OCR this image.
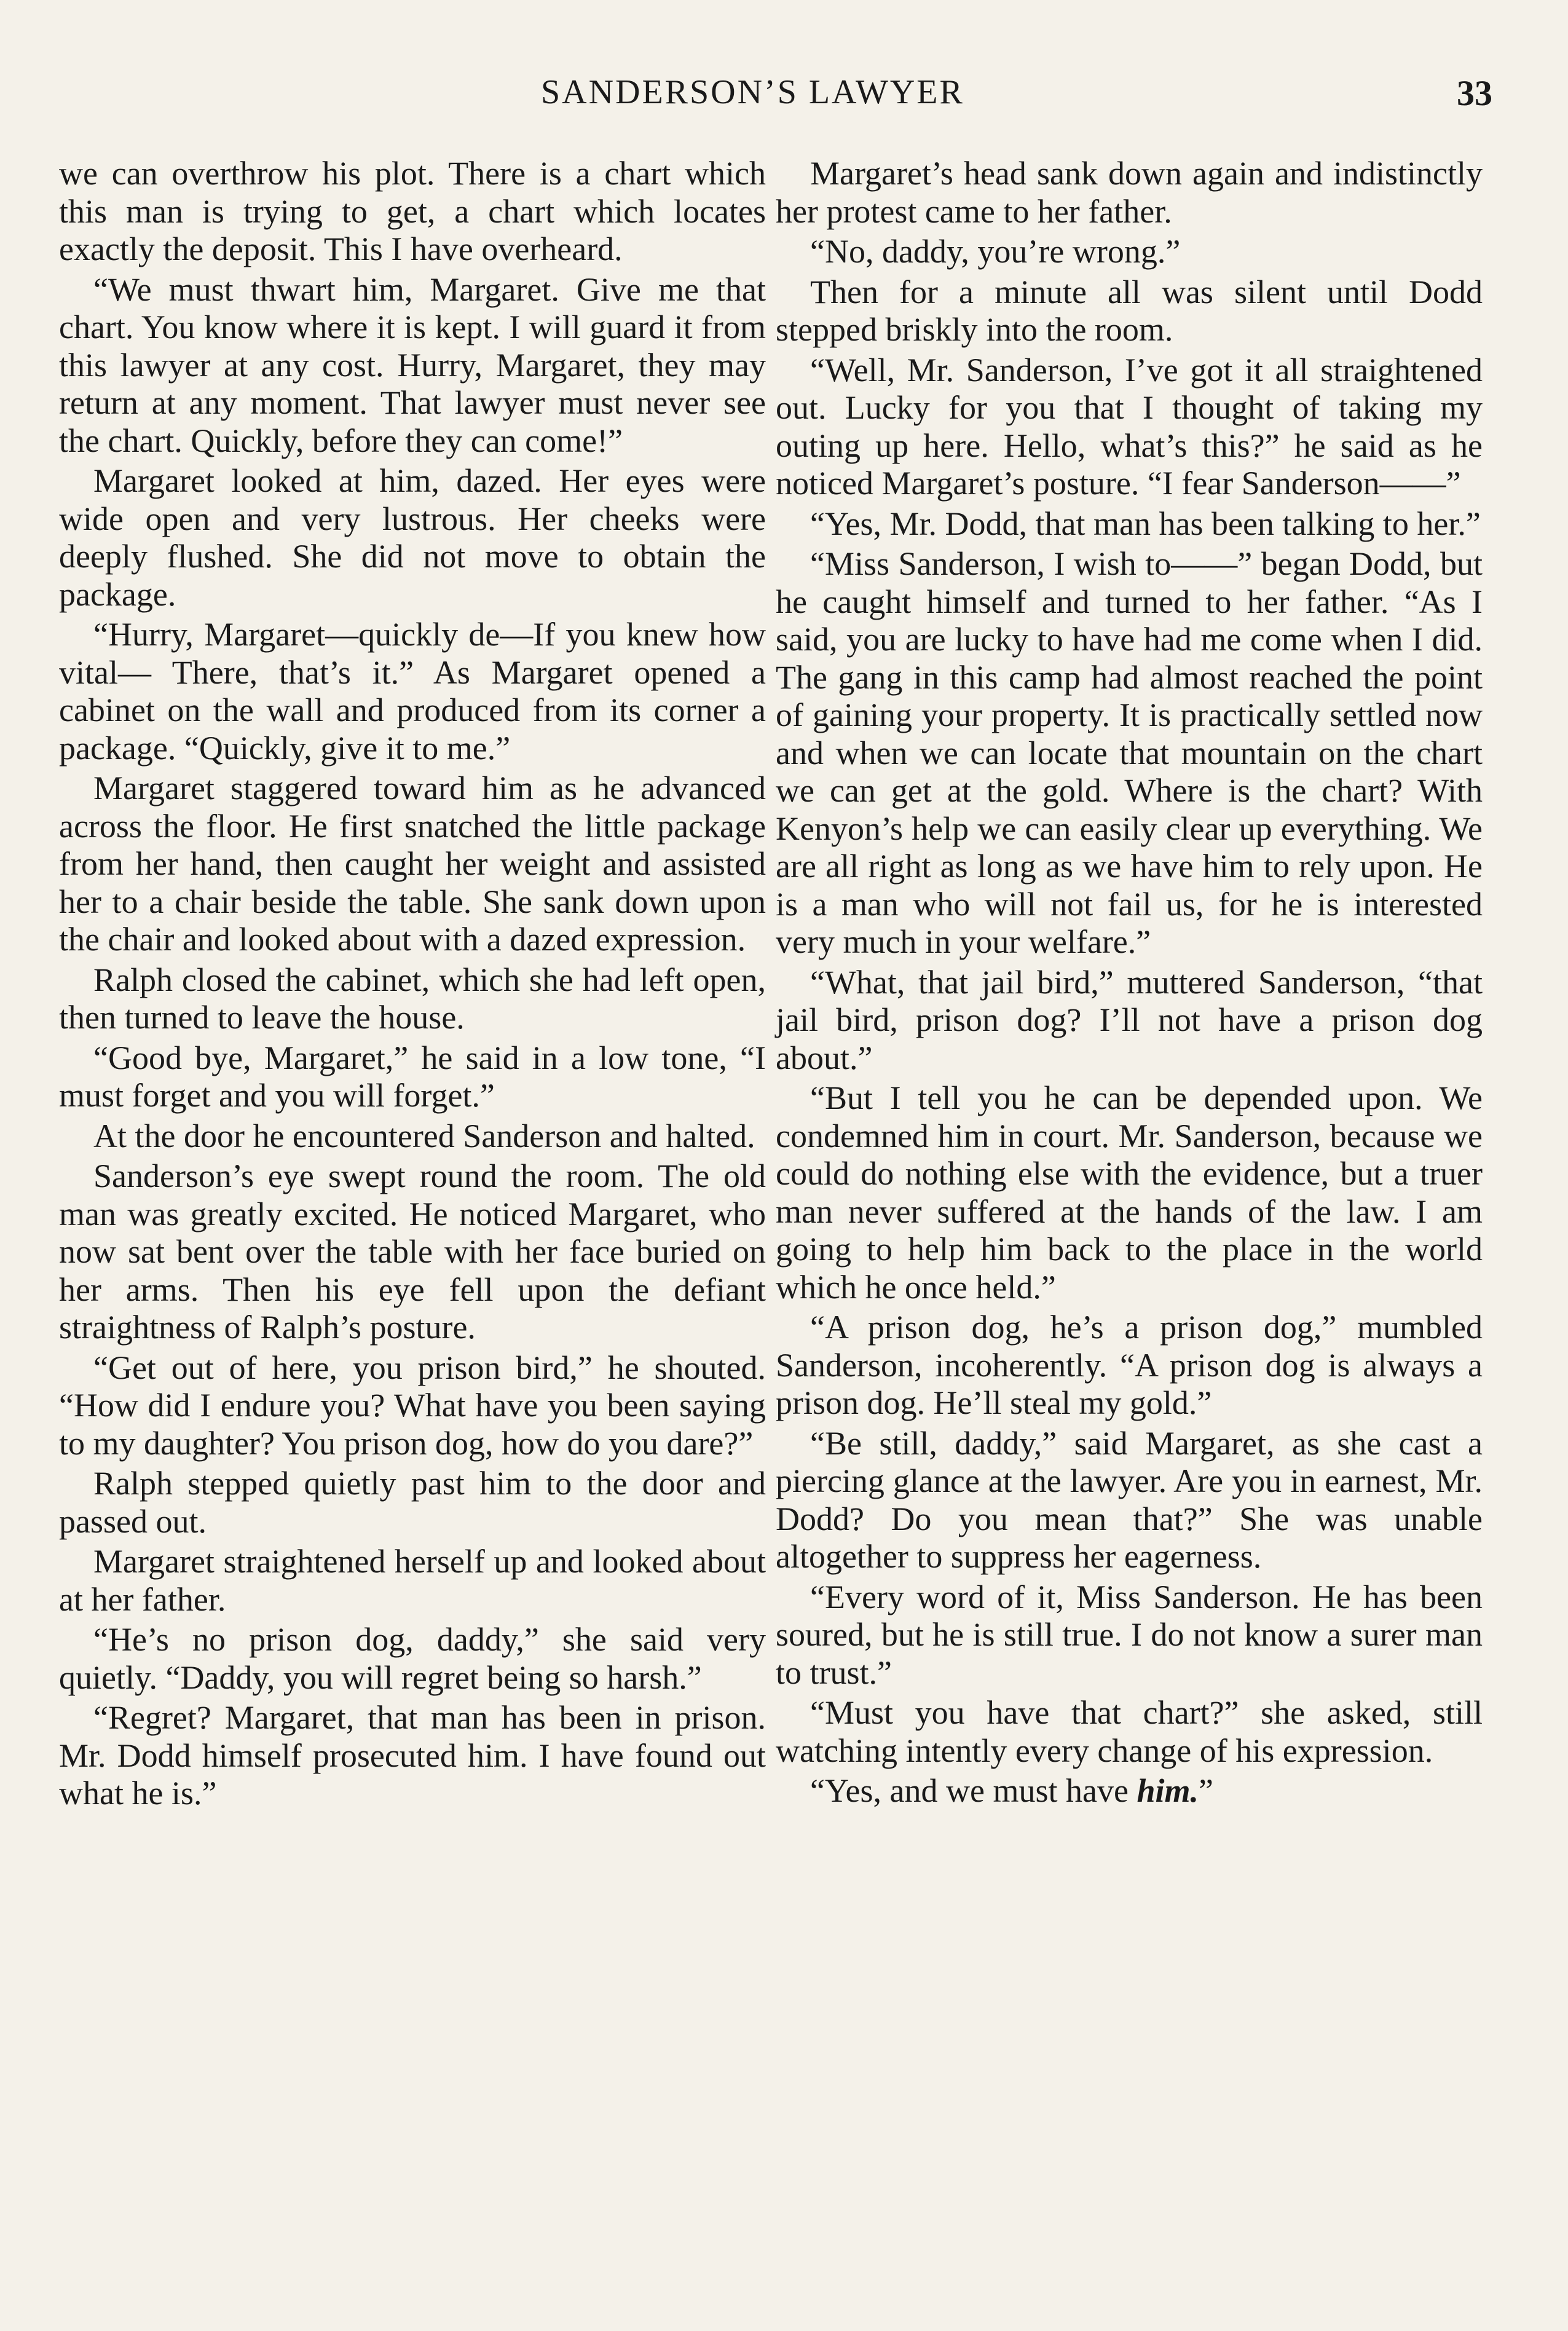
SANDERSON’S LAWYER	33

we can overthrow his plot. There is a chart which this man is trying to get, a chart which locates exactly the deposit. This I have overheard.

“We must thwart him, Margaret. Give me that chart. You know where it is kept. I will guard it from this lawyer at any cost. Hurry, Margaret, they may return at any moment. That lawyer must never see the chart. Quickly, before they can come!”

Margaret looked at him, dazed. Her eyes were wide open and very lustrous. Her cheeks were deeply flushed. She did not move to obtain the package.

“Hurry, Margaret—quickly de—If you knew how vital— There, that’s it.” As Margaret opened a cabinet on the wall and produced from its corner a package. “Quickly, give it to me.”

Margaret staggered toward him as he advanced across the floor. He first snatched the little package from her hand, then caught her weight and assisted her to a chair beside the table. She sank down upon the chair and looked about with a dazed expression.

Ralph closed the cabinet, which she had left open, then turned to leave the house.

“Good bye, Margaret,” he said in a low tone, “I must forget and you will forget.”

At the door he encountered Sanderson and halted.

Sanderson’s eye swept round the room. The old man was greatly excited. He noticed Margaret, who now sat bent over the table with her face buried on her arms. Then his eye fell upon the defiant straightness of Ralph’s posture.

“Get out of here, you prison bird,” he shouted. “How did I endure you? What have you been saying to my daughter? You prison dog, how do you dare?”

Ralph stepped quietly past him to the door and passed out.

Margaret straightened herself up and looked about at her father.

“He’s no prison dog, daddy,” she said very quietly. “Daddy, you will regret being so harsh.”

“Regret? Margaret, that man has been in prison. Mr. Dodd himself prosecuted him. I have found out what he is.”

Margaret’s head sank down again and indistinctly her protest came to her father.

“No, daddy, you’re wrong.”

Then for a minute all was silent until Dodd stepped briskly into the room.

“Well, Mr. Sanderson, I’ve got it all straightened out. Lucky for you that I thought of taking my outing up here. Hello, what’s this?” he said as he noticed Margaret’s posture. “I fear Sanderson——”

“Yes, Mr. Dodd, that man has been talking to her.”

“Miss Sanderson, I wish to——” began Dodd, but he caught himself and turned to her father. “As I said, you are lucky to have had me come when I did. The gang in this camp had almost reached the point of gaining your property. It is practically settled now and when we can locate that mountain on the chart we can get at the gold. Where is the chart? With Kenyon’s help we can easily clear up everything. We are all right as long as we have him to rely upon. He is a man who will not fail us, for he is interested very much in your welfare.”

“What, that jail bird,” muttered Sanderson, “that jail bird, prison dog? I’ll not have a prison dog about.”

“But I tell you he can be depended upon. We condemned him in court. Mr. Sanderson, because we could do nothing else with the evidence, but a truer man never suffered at the hands of the law. I am going to help him back to the place in the world which he once held.”

“A prison dog, he’s a prison dog,” mumbled Sanderson, incoherently. “A prison dog is always a prison dog. He’ll steal my gold.”

“Be still, daddy,” said Margaret, as she cast a piercing glance at the lawyer. Are you in earnest, Mr. Dodd? Do you mean that?” She was unable altogether to suppress her eagerness.

“Every word of it, Miss Sanderson. He has been soured, but he is still true. I do not know a surer man to trust.”

“Must you have that chart?” she asked, still watching intently every change of his expression.

“Yes, and we must have him.”
